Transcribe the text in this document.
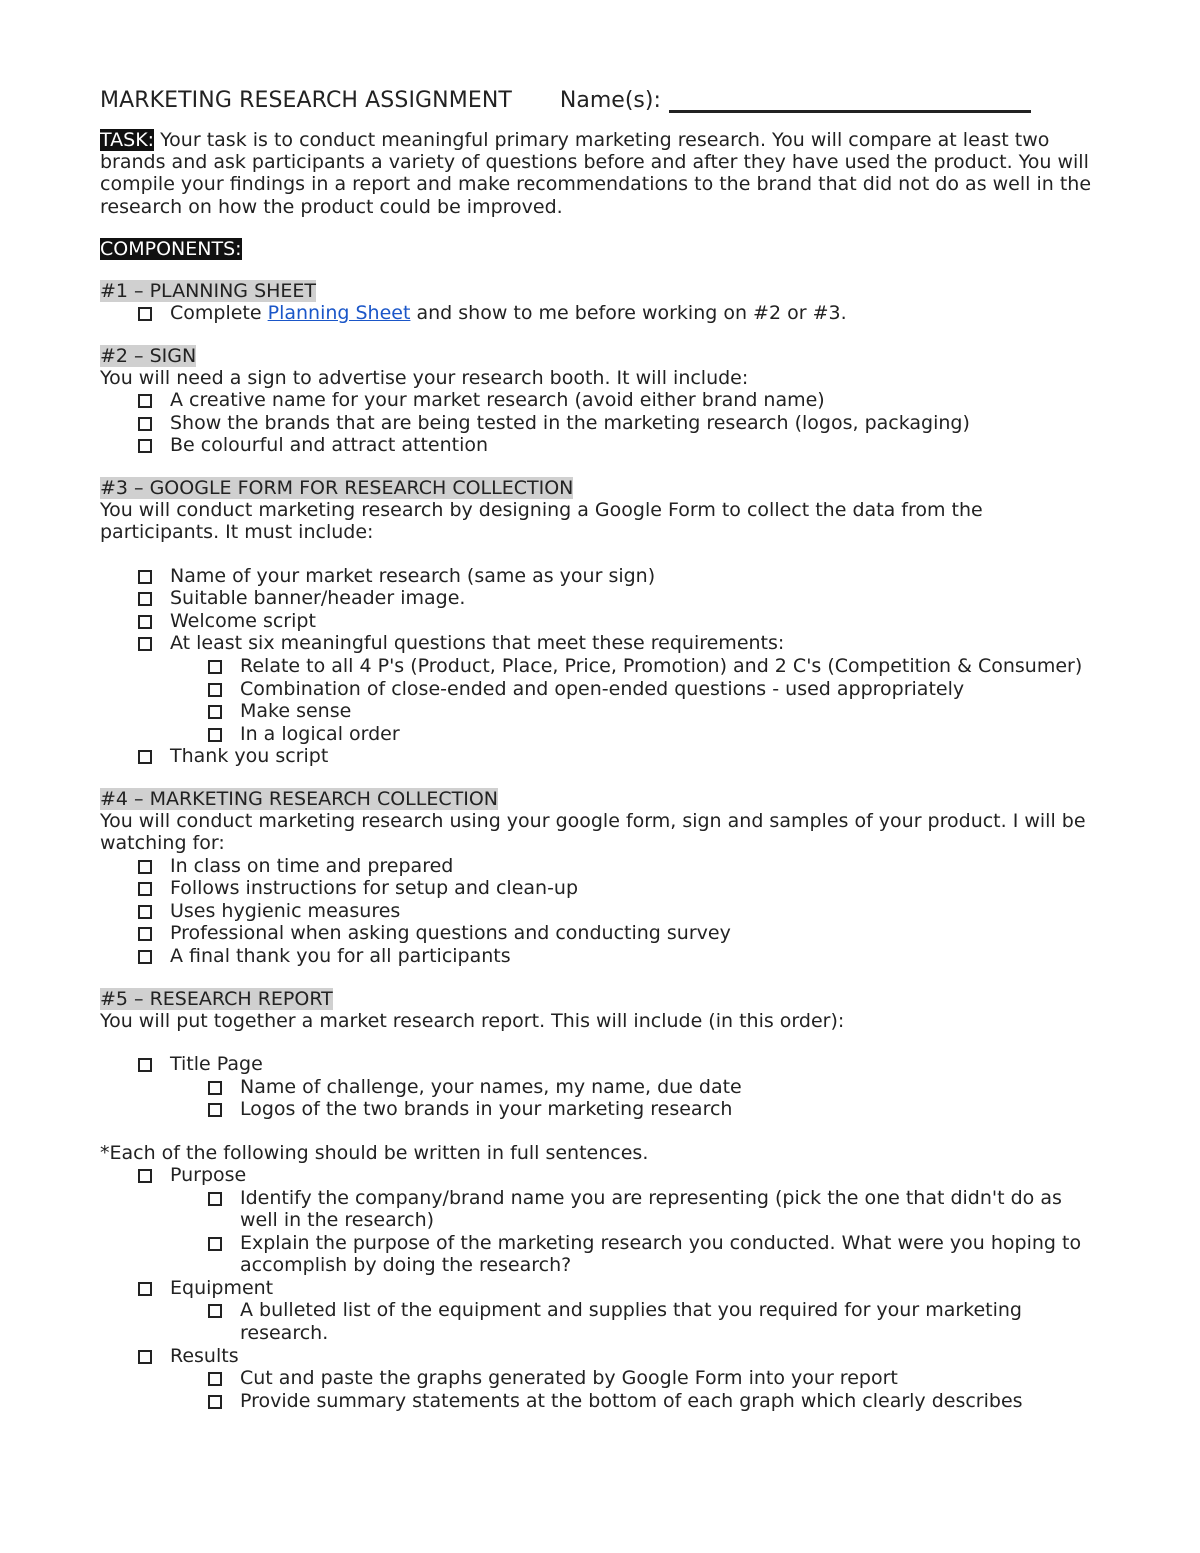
MARKETING RESEARCH ASSIGNMENT Name(s):

TASK: Your task is to conduct meaningful primary marketing research. You will compare at least two brands and ask participants a variety of questions before and after they have used the product. You will compile your findings in a report and make recommendations to the brand that did not do as well in the research on how the product could be improved.

COMPONENTS:

#1 – PLANNING SHEET

Complete Planning Sheet and show to me before working on #2 or #3.

#2 – SIGN

You will need a sign to advertise your research booth. It will include:

A creative name for your market research (avoid either brand name)
Show the brands that are being tested in the marketing research (logos, packaging)
Be colourful and attract attention

#3 – GOOGLE FORM FOR RESEARCH COLLECTION

You will conduct marketing research by designing a Google Form to collect the data from the participants. It must include:

Name of your market research (same as your sign)
Suitable banner/header image.
Welcome script
At least six meaningful questions that meet these requirements:
Relate to all 4 P's (Product, Place, Price, Promotion) and 2 C's (Competition & Consumer)
Combination of close-ended and open-ended questions - used appropriately
Make sense
In a logical order
Thank you script

#4 – MARKETING RESEARCH COLLECTION

You will conduct marketing research using your google form, sign and samples of your product. I will be watching for:

In class on time and prepared
Follows instructions for setup and clean-up
Uses hygienic measures
Professional when asking questions and conducting survey
A final thank you for all participants

#5 – RESEARCH REPORT

You will put together a market research report. This will include (in this order):

Title Page
Name of challenge, your names, my name, due date
Logos of the two brands in your marketing research

*Each of the following should be written in full sentences.

Purpose
Identify the company/brand name you are representing (pick the one that didn't do as well in the research)
Explain the purpose of the marketing research you conducted. What were you hoping to accomplish by doing the research?
Equipment
A bulleted list of the equipment and supplies that you required for your marketing research.
Results
Cut and paste the graphs generated by Google Form into your report
Provide summary statements at the bottom of each graph which clearly describes
